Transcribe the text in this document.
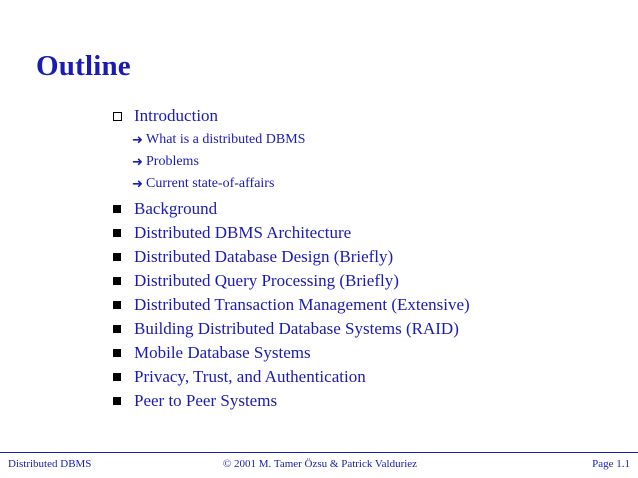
Outline
Introduction
➜ What is a distributed DBMS
➜ Problems
➜ Current state-of-affairs
Background
Distributed DBMS Architecture
Distributed Database Design (Briefly)
Distributed Query Processing (Briefly)
Distributed Transaction Management (Extensive)
Building Distributed Database Systems (RAID)
Mobile Database Systems
Privacy, Trust, and Authentication
Peer to Peer Systems
Distributed DBMS	© 2001 M. Tamer Özsu & Patrick Valduriez	Page 1.1
